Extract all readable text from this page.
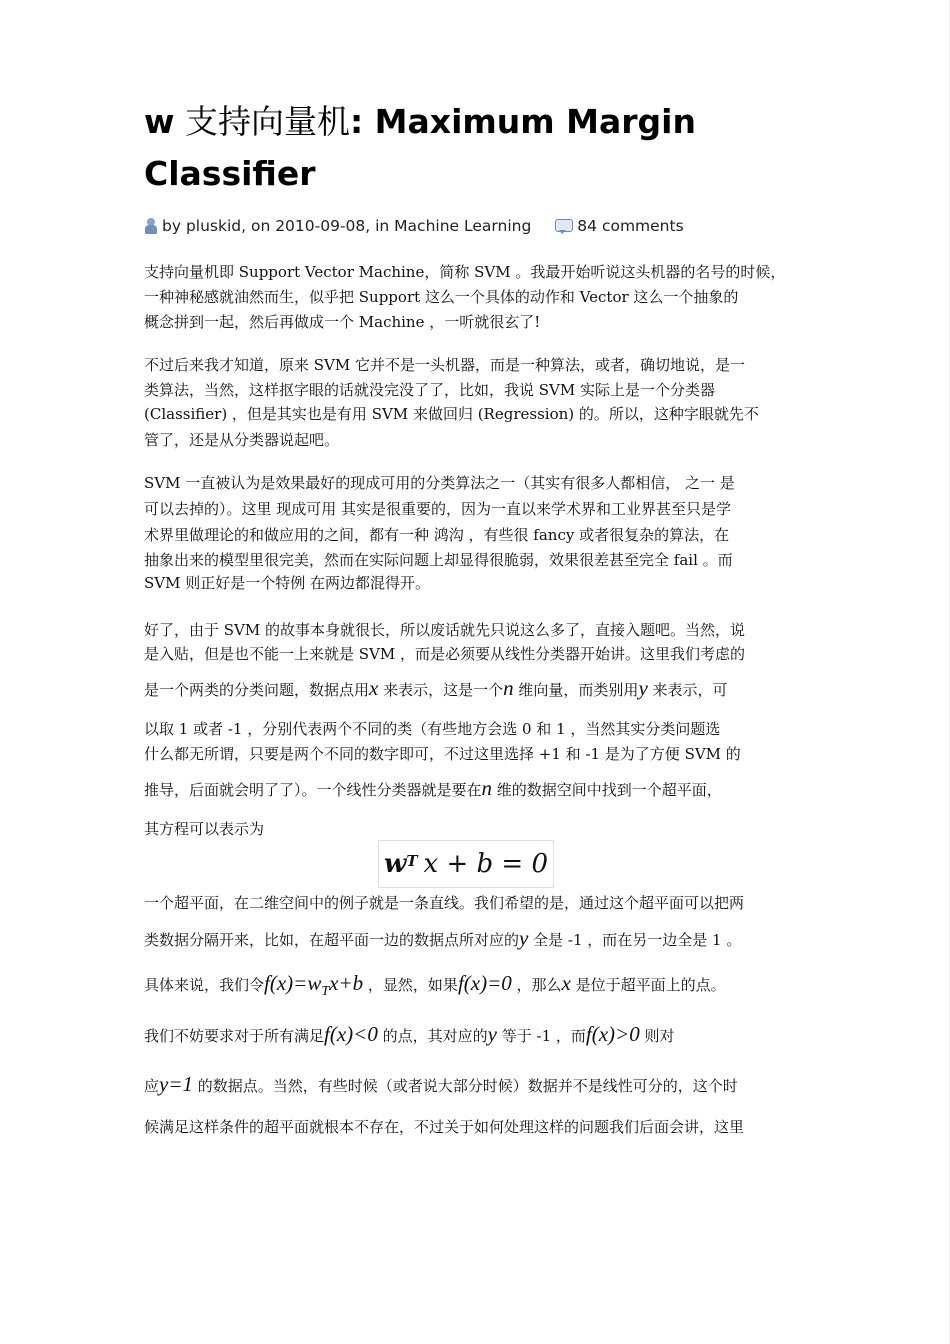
w 支持向量机: Maximum Margin
Classifier
by pluskid, on 2010-09-08, in Machine Learning	84 comments
支持向量机即 Support Vector Machine，简称 SVM 。我最开始听说这头机器的名号的时候，
一种神秘感就油然而生，似乎把 Support 这么一个具体的动作和 Vector 这么一个抽象的
概念拼到一起，然后再做成一个 Machine ，一听就很玄了!
不过后来我才知道，原来 SVM 它并不是一头机器，而是一种算法，或者，确切地说，是一
类算法，当然，这样抠字眼的话就没完没了了，比如，我说 SVM 实际上是一个分类器
(Classifier) ，但是其实也是有用 SVM 来做回归 (Regression) 的。所以，这种字眼就先不
管了，还是从分类器说起吧。
SVM 一直被认为是效果最好的现成可用的分类算法之一（其实有很多人都相信， 之一 是
可以去掉的）。这里 现成可用 其实是很重要的，因为一直以来学术界和工业界甚至只是学
术界里做理论的和做应用的之间，都有一种 鸿沟 ，有些很 fancy 或者很复杂的算法，在
抽象出来的模型里很完美，然而在实际问题上却显得很脆弱，效果很差甚至完全 fail 。而
SVM 则正好是一个特例 在两边都混得开。
好了，由于 SVM 的故事本身就很长，所以废话就先只说这么多了，直接入题吧。当然，说
是入贴，但是也不能一上来就是 SVM ，而是必须要从线性分类器开始讲。这里我们考虑的
是一个两类的分类问题，数据点用x 来表示，这是一个n 维向量，而类别用y 来表示，可
以取 1 或者 -1 ，分别代表两个不同的类（有些地方会选 0 和 1 ，当然其实分类问题选
什么都无所谓，只要是两个不同的数字即可，不过这里选择 +1 和 -1 是为了方便 SVM 的
推导，后面就会明了了）。一个线性分类器就是要在n 维的数据空间中找到一个超平面，
其方程可以表示为
$w^T$ x + b = 0
一个超平面，在二维空间中的例子就是一条直线。我们希望的是，通过这个超平面可以把两
类数据分隔开来，比如，在超平面一边的数据点所对应的y 全是 -1 ，而在另一边全是 1 。
具体来说，我们令f(x)=wTx+b ，显然，如果f(x)=0 ，那么x 是位于超平面上的点。
我们不妨要求对于所有满足f(x)<0 的点，其对应的y 等于 -1 ，而f(x)>0 则对
应y=1 的数据点。当然，有些时候（或者说大部分时候）数据并不是线性可分的，这个时
候满足这样条件的超平面就根本不存在，不过关于如何处理这样的问题我们后面会讲，这里
